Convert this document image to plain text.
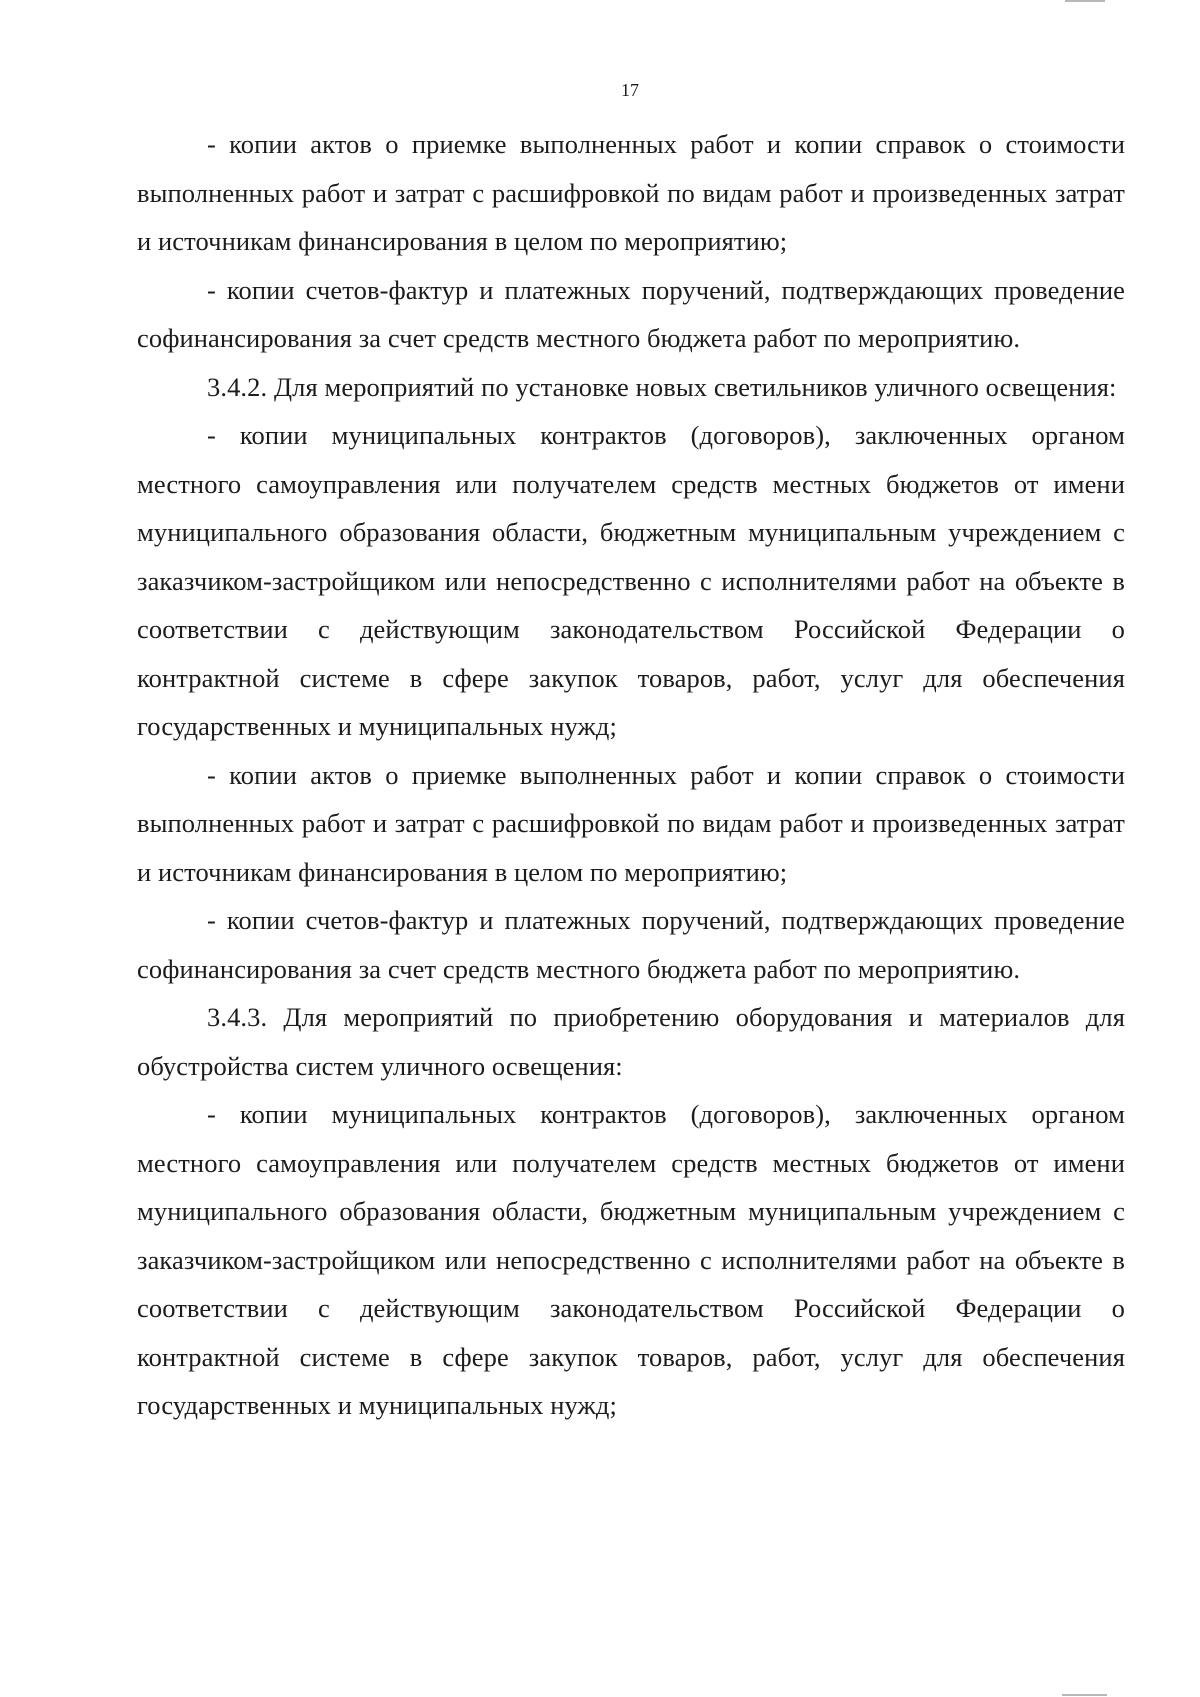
17

- копии актов о приемке выполненных работ и копии справок о стоимости выполненных работ и затрат с расшифровкой по видам работ и произведенных затрат и источникам финансирования в целом по мероприятию;

- копии счетов-фактур и платежных поручений, подтверждающих проведение софинансирования за счет средств местного бюджета работ по мероприятию.

3.4.2. Для мероприятий по установке новых светильников уличного освещения:

- копии муниципальных контрактов (договоров), заключенных органом местного самоуправления или получателем средств местных бюджетов от имени муниципального образования области, бюджетным муниципальным учреждением с заказчиком-застройщиком или непосредственно с исполнителями работ на объекте в соответствии с действующим законодательством Российской Федерации о контрактной системе в сфере закупок товаров, работ, услуг для обеспечения государственных и муниципальных нужд;

- копии актов о приемке выполненных работ и копии справок о стоимости выполненных работ и затрат с расшифровкой по видам работ и произведенных затрат и источникам финансирования в целом по мероприятию;

- копии счетов-фактур и платежных поручений, подтверждающих проведение софинансирования за счет средств местного бюджета работ по мероприятию.

3.4.3. Для мероприятий по приобретению оборудования и материалов для обустройства систем уличного освещения:

- копии муниципальных контрактов (договоров), заключенных органом местного самоуправления или получателем средств местных бюджетов от имени муниципального образования области, бюджетным муниципальным учреждением с заказчиком-застройщиком или непосредственно с исполнителями работ на объекте в соответствии с действующим законодательством Российской Федерации о контрактной системе в сфере закупок товаров, работ, услуг для обеспечения государственных и муниципальных нужд;
